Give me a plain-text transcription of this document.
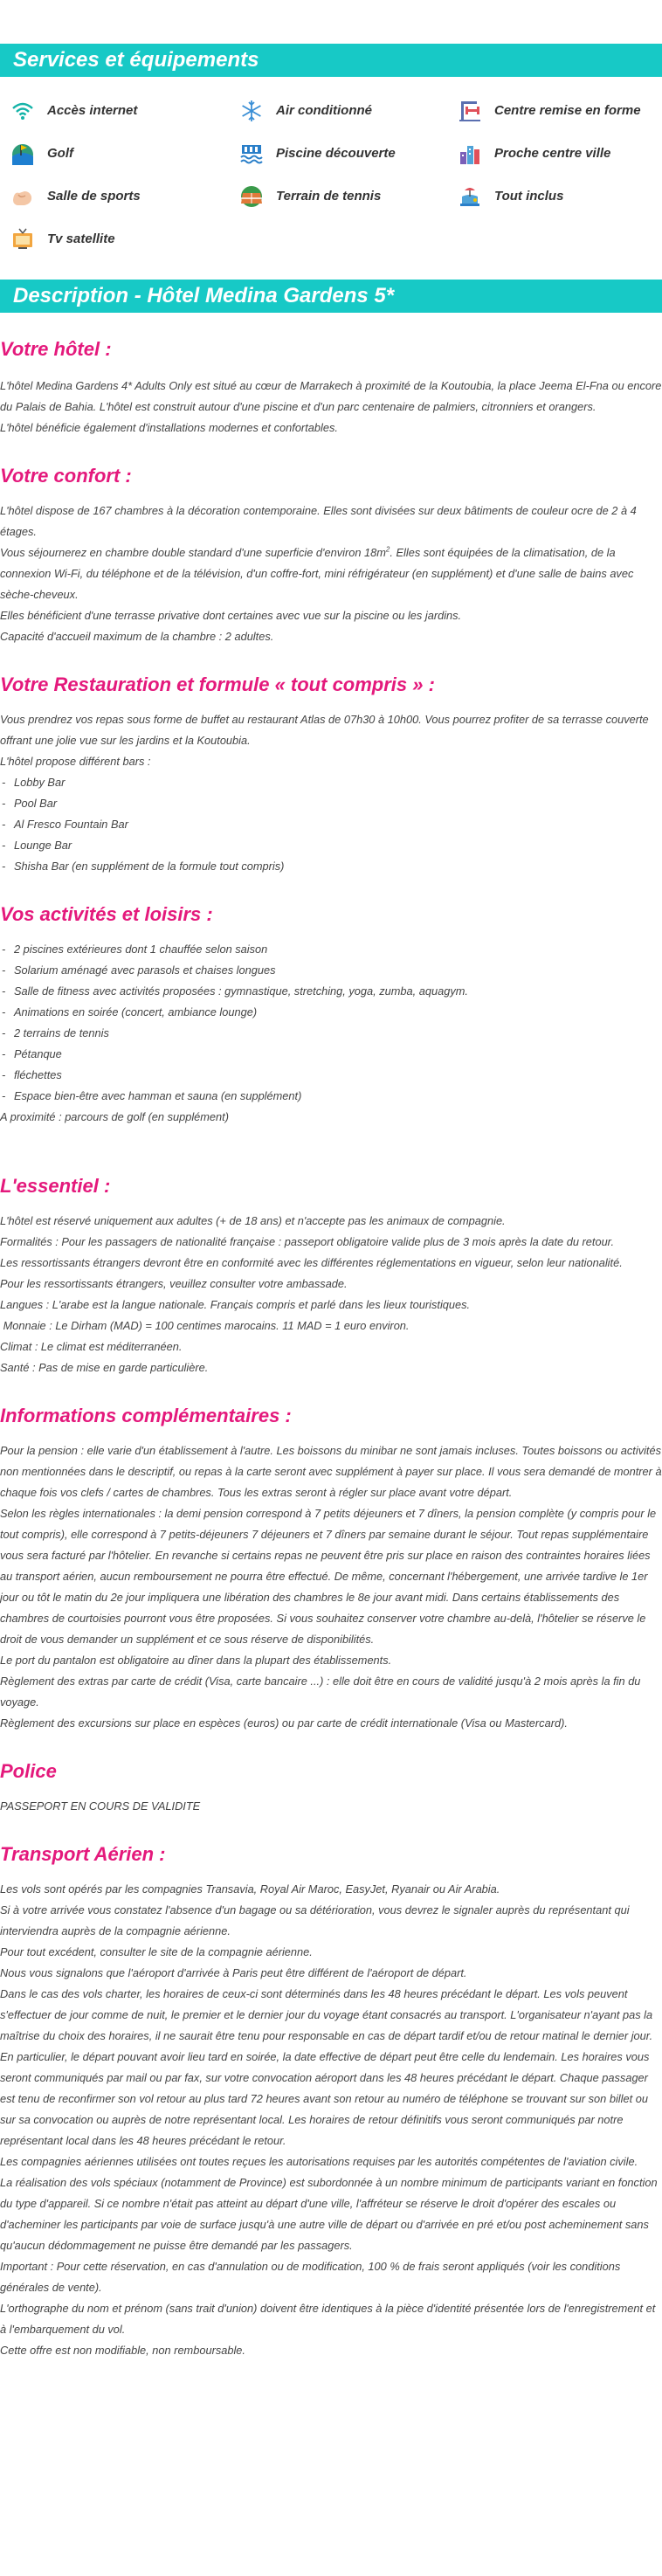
Services et équipements
Accès internet	Air conditionné	Centre remise en forme
Golf	Piscine découverte	Proche centre ville
Salle de sports	Terrain de tennis	Tout inclus
Tv satellite
Description - Hôtel Medina Gardens 5*
Votre hôtel :

L'hôtel Medina Gardens 4* Adults Only est situé au cœur de Marrakech à proximité de la Koutoubia, la place Jeema El-Fna ou encore du Palais de Bahia. L'hôtel est construit autour d'une piscine et d'un parc centenaire de palmiers, citronniers et orangers.

L'hôtel bénéficie également d'installations modernes et confortables.

Votre confort :

L'hôtel dispose de 167 chambres à la décoration contemporaine. Elles sont divisées sur deux bâtiments de couleur ocre de 2 à 4 étages.

Vous séjournerez en chambre double standard d'une superficie d'environ $18m^2$. Elles sont équipées de la climatisation, de la connexion Wi-Fi, du téléphone et de la télévision, d'un coffre-fort, mini réfrigérateur (en supplément) et d'une salle de bains avec sèche-cheveux.

Elles bénéficient d'une terrasse privative dont certaines avec vue sur la piscine ou les jardins.

Capacité d'accueil maximum de la chambre : 2 adultes.

Votre Restauration et formule « tout compris » :

Vous prendrez vos repas sous forme de buffet au restaurant Atlas de 07h30 à 10h00. Vous pourrez profiter de sa terrasse couverte offrant une jolie vue sur les jardins et la Koutoubia.

L'hôtel propose différent bars :

- Lobby Bar
- Pool Bar
- Al Fresco Fountain Bar
- Lounge Bar
- Shisha Bar (en supplément de la formule tout compris)
Vos activités et loisirs :
- 2 piscines extérieures dont 1 chauffée selon saison
- Solarium aménagé avec parasols et chaises longues
- Salle de fitness avec activités proposées : gymnastique, stretching, yoga, zumba, aquagym.
- Animations en soirée (concert, ambiance lounge)
- 2 terrains de tennis
- Pétanque
- fléchettes
- Espace bien-être avec hamman et sauna (en supplément)

A proximité : parcours de golf (en supplément)

L'essentiel :

L'hôtel est réservé uniquement aux adultes (+ de 18 ans) et n'accepte pas les animaux de compagnie.

Formalités : Pour les passagers de nationalité française : passeport obligatoire valide plus de 3 mois après la date du retour.

Les ressortissants étrangers devront être en conformité avec les différentes réglementations en vigueur, selon leur nationalité.

Pour les ressortissants étrangers, veuillez consulter votre ambassade.

Langues : L'arabe est la langue nationale. Français compris et parlé dans les lieux touristiques.

Monnaie : Le Dirham (MAD) = 100 centimes marocains. 11 MAD = 1 euro environ.

Climat : Le climat est méditerranéen.

Santé : Pas de mise en garde particulière.

Informations complémentaires :

Pour la pension : elle varie d'un établissement à l'autre. Les boissons du minibar ne sont jamais incluses. Toutes boissons ou activités non mentionnées dans le descriptif, ou repas à la carte seront avec supplément à payer sur place. Il vous sera demandé de montrer à chaque fois vos clefs / cartes de chambres. Tous les extras seront à régler sur place avant votre départ.

Selon les règles internationales : la demi pension correspond à 7 petits déjeuners et 7 dîners, la pension complète (y compris pour le tout compris), elle correspond à 7 petits-déjeuners 7 déjeuners et 7 dîners par semaine durant le séjour. Tout repas supplémentaire vous sera facturé par l'hôtelier. En revanche si certains repas ne peuvent être pris sur place en raison des contraintes horaires liées au transport aérien, aucun remboursement ne pourra être effectué. De même, concernant l'hébergement, une arrivée tardive le 1er jour ou tôt le matin du 2e jour impliquera une libération des chambres le 8e jour avant midi. Dans certains établissements des chambres de courtoisies pourront vous être proposées. Si vous souhaitez conserver votre chambre au-delà, l'hôtelier se réserve le droit de vous demander un supplément et ce sous réserve de disponibilités.

Le port du pantalon est obligatoire au dîner dans la plupart des établissements.

Règlement des extras par carte de crédit (Visa, carte bancaire ...) : elle doit être en cours de validité jusqu'à 2 mois après la fin du voyage.

Règlement des excursions sur place en espèces (euros) ou par carte de crédit internationale (Visa ou Mastercard).

Police

PASSEPORT EN COURS DE VALIDITE

Transport Aérien :

Les vols sont opérés par les compagnies Transavia, Royal Air Maroc, EasyJet, Ryanair ou Air Arabia.

Si à votre arrivée vous constatez l'absence d'un bagage ou sa détérioration, vous devrez le signaler auprès du représentant qui interviendra auprès de la compagnie aérienne.

Pour tout excédent, consulter le site de la compagnie aérienne.

Nous vous signalons que l'aéroport d'arrivée à Paris peut être différent de l'aéroport de départ.

Dans le cas des vols charter, les horaires de ceux-ci sont déterminés dans les 48 heures précédant le départ. Les vols peuvent s'effectuer de jour comme de nuit, le premier et le dernier jour du voyage étant consacrés au transport. L'organisateur n'ayant pas la maîtrise du choix des horaires, il ne saurait être tenu pour responsable en cas de départ tardif et/ou de retour matinal le dernier jour. En particulier, le départ pouvant avoir lieu tard en soirée, la date effective de départ peut être celle du lendemain. Les horaires vous seront communiqués par mail ou par fax, sur votre convocation aéroport dans les 48 heures précédant le départ. Chaque passager est tenu de reconfirmer son vol retour au plus tard 72 heures avant son retour au numéro de téléphone se trouvant sur son billet ou sur sa convocation ou auprès de notre représentant local. Les horaires de retour définitifs vous seront communiqués par notre représentant local dans les 48 heures précédant le retour.

Les compagnies aériennes utilisées ont toutes reçues les autorisations requises par les autorités compétentes de l'aviation civile.

La réalisation des vols spéciaux (notamment de Province) est subordonnée à un nombre minimum de participants variant en fonction du type d'appareil. Si ce nombre n'était pas atteint au départ d'une ville, l'affréteur se réserve le droit d'opérer des escales ou d'acheminer les participants par voie de surface jusqu'à une autre ville de départ ou d'arrivée en pré et/ou post acheminement sans qu'aucun dédommagement ne puisse être demandé par les passagers.

Important : Pour cette réservation, en cas d'annulation ou de modification, 100 % de frais seront appliqués (voir les conditions générales de vente).

L'orthographe du nom et prénom (sans trait d'union) doivent être identiques à la pièce d'identité présentée lors de l'enregistrement et à l'embarquement du vol.

Cette offre est non modifiable, non remboursable.
